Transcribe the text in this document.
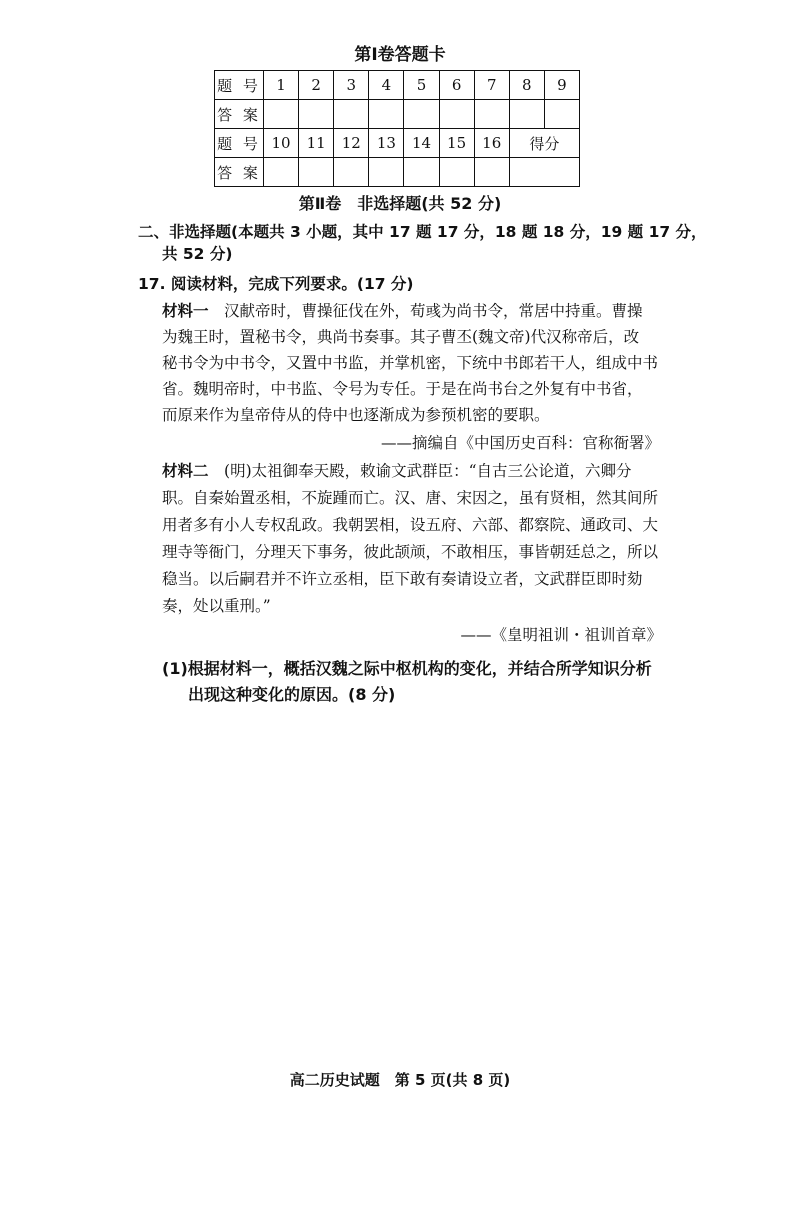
第Ⅰ卷答题卡
题 号	1	2	3	4	5	6	7	8	9
答 案									
题 号	10	11	12	13	14	15	16	得分	
答 案									
第Ⅱ卷　非选择题(共 52 分)
二、非选择题(本题共 3 小题，其中 17 题 17 分，18 题 18 分，19 题 17 分，
共 52 分)
17. 阅读材料，完成下列要求。(17 分)
材料一　汉献帝时，曹操征伐在外，荀彧为尚书令，常居中持重。曹操
为魏王时，置秘书令，典尚书奏事。其子曹丕(魏文帝)代汉称帝后，改
秘书令为中书令，又置中书监，并掌机密，下统中书郎若干人，组成中书
省。魏明帝时，中书监、令号为专任。于是在尚书台之外复有中书省，
而原来作为皇帝侍从的侍中也逐渐成为参预机密的要职。
——摘编自《中国历史百科：官称衙署》
材料二　(明)太祖御奉天殿，敕谕文武群臣：“自古三公论道，六卿分
职。自秦始置丞相，不旋踵而亡。汉、唐、宋因之，虽有贤相，然其间所
用者多有小人专权乱政。我朝罢相，设五府、六部、都察院、通政司、大
理寺等衙门，分理天下事务，彼此颉颃，不敢相压，事皆朝廷总之，所以
稳当。以后嗣君并不许立丞相，臣下敢有奏请设立者，文武群臣即时劾
奏，处以重刑。”
——《皇明祖训・祖训首章》
(1)根据材料一，概括汉魏之际中枢机构的变化，并结合所学知识分析
出现这种变化的原因。(8 分)
高二历史试题　第 5 页(共 8 页)
